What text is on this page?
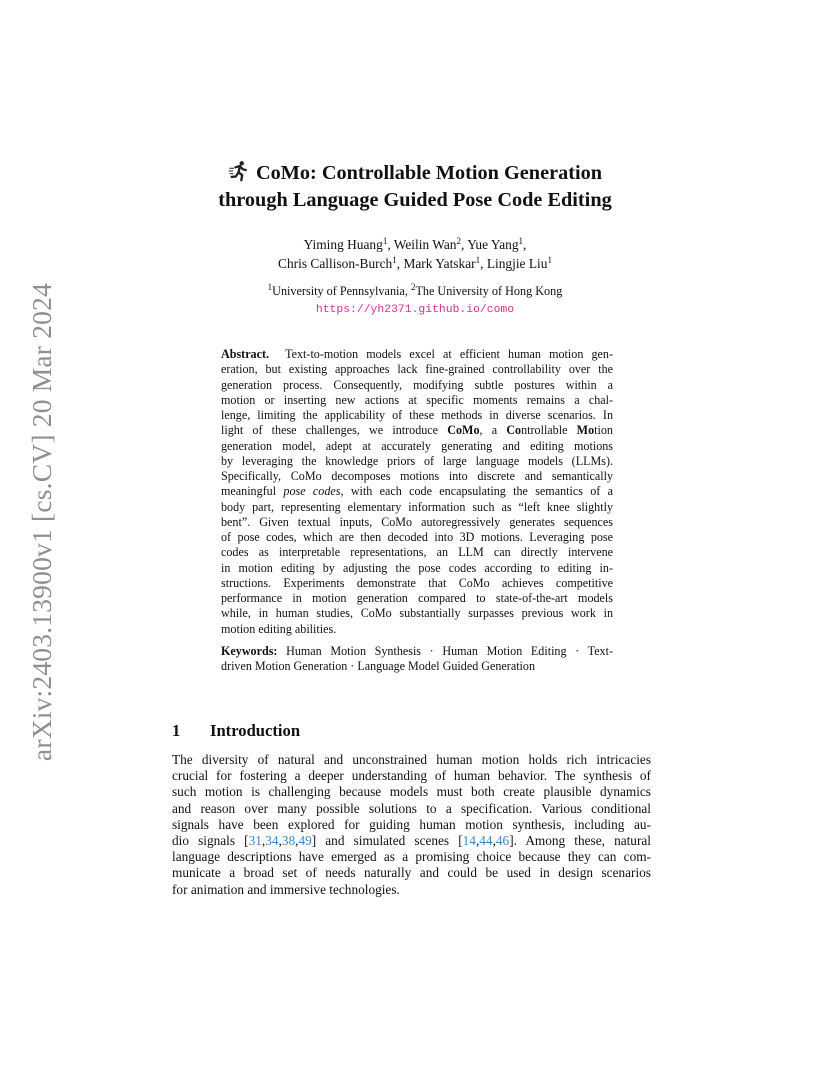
arXiv:2403.13900v1 [cs.CV] 20 Mar 2024
CoMo: Controllable Motion Generation
through Language Guided Pose Code Editing
Yiming Huang$^1$, Weilin Wan$^2$, Yue Yang$^1$,
Chris Callison-Burch$^1$, Mark Yatskar$^1$, Lingjie Liu$^1$
$^1$University of Pennsylvania, $^2$The University of Hong Kong
https://yh2371.github.io/como
Abstract. Text-to-motion models excel at efficient human motion gen-
eration, but existing approaches lack fine-grained controllability over the
generation process. Consequently, modifying subtle postures within a
motion or inserting new actions at specific moments remains a chal-
lenge, limiting the applicability of these methods in diverse scenarios. In
light of these challenges, we introduce CoMo, a Controllable Motion
generation model, adept at accurately generating and editing motions
by leveraging the knowledge priors of large language models (LLMs).
Specifically, CoMo decomposes motions into discrete and semantically
meaningful pose codes, with each code encapsulating the semantics of a
body part, representing elementary information such as “left knee slightly
bent”. Given textual inputs, CoMo autoregressively generates sequences
of pose codes, which are then decoded into 3D motions. Leveraging pose
codes as interpretable representations, an LLM can directly intervene
in motion editing by adjusting the pose codes according to editing in-
structions. Experiments demonstrate that CoMo achieves competitive
performance in motion generation compared to state-of-the-art models
while, in human studies, CoMo substantially surpasses previous work in
motion editing abilities.
Keywords: Human Motion Synthesis · Human Motion Editing · Text-
driven Motion Generation · Language Model Guided Generation
1 Introduction
The diversity of natural and unconstrained human motion holds rich intricacies
crucial for fostering a deeper understanding of human behavior. The synthesis of
such motion is challenging because models must both create plausible dynamics
and reason over many possible solutions to a specification. Various conditional
signals have been explored for guiding human motion synthesis, including au-
dio signals [31,34,38,49] and simulated scenes [14,44,46]. Among these, natural
language descriptions have emerged as a promising choice because they can com-
municate a broad set of needs naturally and could be used in design scenarios
for animation and immersive technologies.
